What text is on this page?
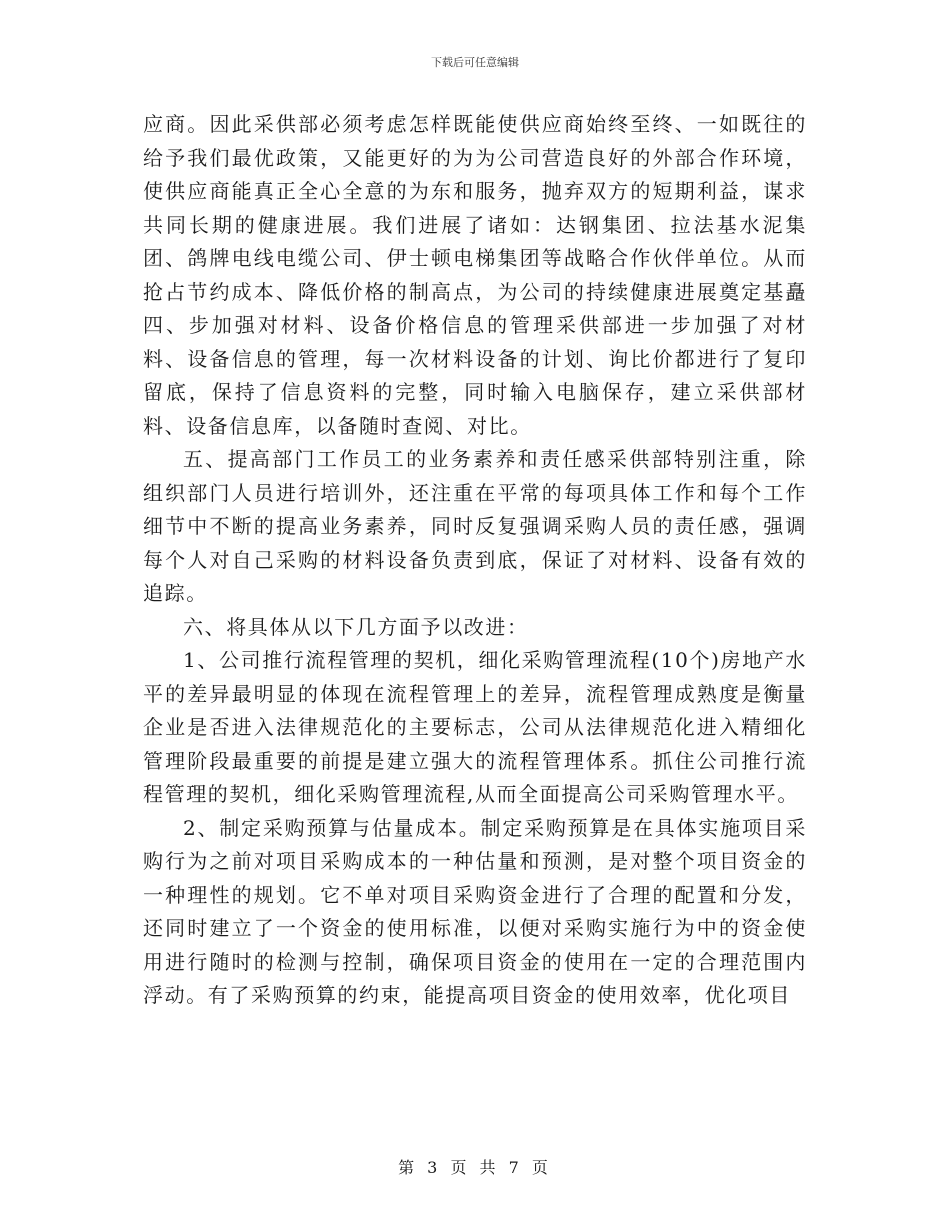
下载后可任意编辑

应商。因此采供部必须考虑怎样既能使供应商始终至终、一如既往的给予我们最优政策，又能更好的为为公司营造良好的外部合作环境，使供应商能真正全心全意的为东和服务，抛弃双方的短期利益，谋求共同长期的健康进展。我们进展了诸如：达钢集团、拉法基水泥集团、鸽牌电线电缆公司、伊士顿电梯集团等战略合作伙伴单位。从而抢占节约成本、降低价格的制高点，为公司的持续健康进展奠定基矗四、步加强对材料、设备价格信息的管理采供部进一步加强了对材料、设备信息的管理，每一次材料设备的计划、询比价都进行了复印留底，保持了信息资料的完整，同时输入电脑保存，建立采供部材料、设备信息库，以备随时查阅、对比。

五、提高部门工作员工的业务素养和责任感采供部特别注重，除组织部门人员进行培训外，还注重在平常的每项具体工作和每个工作细节中不断的提高业务素养，同时反复强调采购人员的责任感，强调每个人对自己采购的材料设备负责到底，保证了对材料、设备有效的追踪。

六、将具体从以下几方面予以改进：

1、公司推行流程管理的契机，细化采购管理流程(10个)房地产水平的差异最明显的体现在流程管理上的差异，流程管理成熟度是衡量企业是否进入法律规范化的主要标志，公司从法律规范化进入精细化管理阶段最重要的前提是建立强大的流程管理体系。抓住公司推行流程管理的契机，细化采购管理流程,从而全面提高公司采购管理水平。

2、制定采购预算与估量成本。制定采购预算是在具体实施项目采购行为之前对项目采购成本的一种估量和预测，是对整个项目资金的一种理性的规划。它不单对项目采购资金进行了合理的配置和分发，还同时建立了一个资金的使用标准，以便对采购实施行为中的资金使用进行随时的检测与控制，确保项目资金的使用在一定的合理范围内浮动。有了采购预算的约束，能提高项目资金的使用效率，优化项目

第 3 页 共 7 页
